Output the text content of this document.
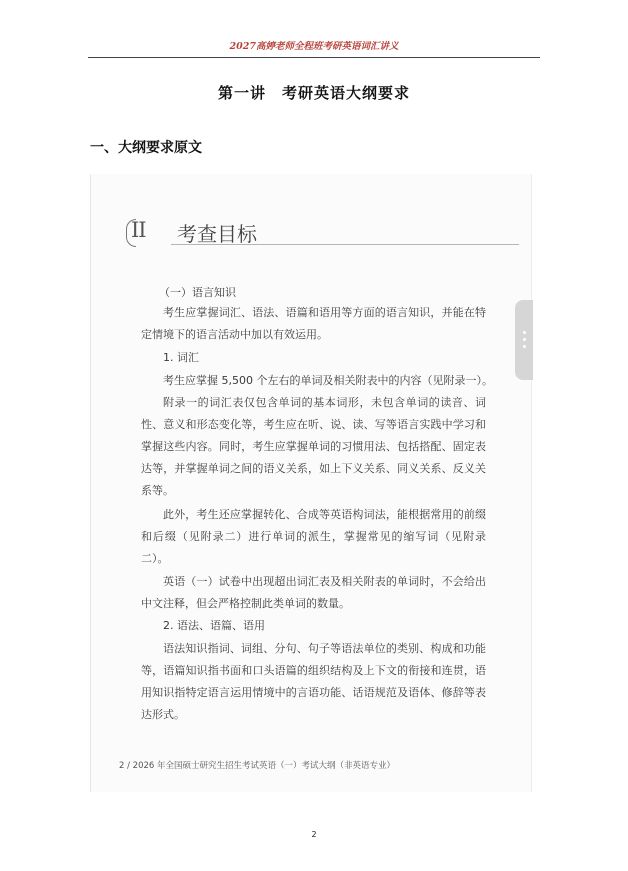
2027高婷老师全程班考研英语词汇讲义
第一讲　考研英语大纲要求
一、大纲要求原文
II 考查目标
（一）语言知识
考生应掌握词汇、语法、语篇和语用等方面的语言知识，并能在特定情境下的语言活动中加以有效运用。
1. 词汇
考生应掌握 5,500 个左右的单词及相关附表中的内容（见附录一）。
附录一的词汇表仅包含单词的基本词形，未包含单词的读音、词性、意义和形态变化等，考生应在听、说、读、写等语言实践中学习和掌握这些内容。同时，考生应掌握单词的习惯用法、包括搭配、固定表达等，并掌握单词之间的语义关系，如上下义关系、同义关系、反义关系等。
此外，考生还应掌握转化、合成等英语构词法，能根据常用的前缀和后缀（见附录二）进行单词的派生，掌握常见的缩写词（见附录二）。
英语（一）试卷中出现超出词汇表及相关附表的单词时，不会给出中文注释，但会严格控制此类单词的数量。
2. 语法、语篇、语用
语法知识指词、词组、分句、句子等语法单位的类别、构成和功能等，语篇知识指书面和口头语篇的组织结构及上下文的衔接和连贯，语用知识指特定语言运用情境中的言语功能、话语规范及语体、修辞等表达形式。
2 / 2026 年全国硕士研究生招生考试英语（一）考试大纲（非英语专业）
2
